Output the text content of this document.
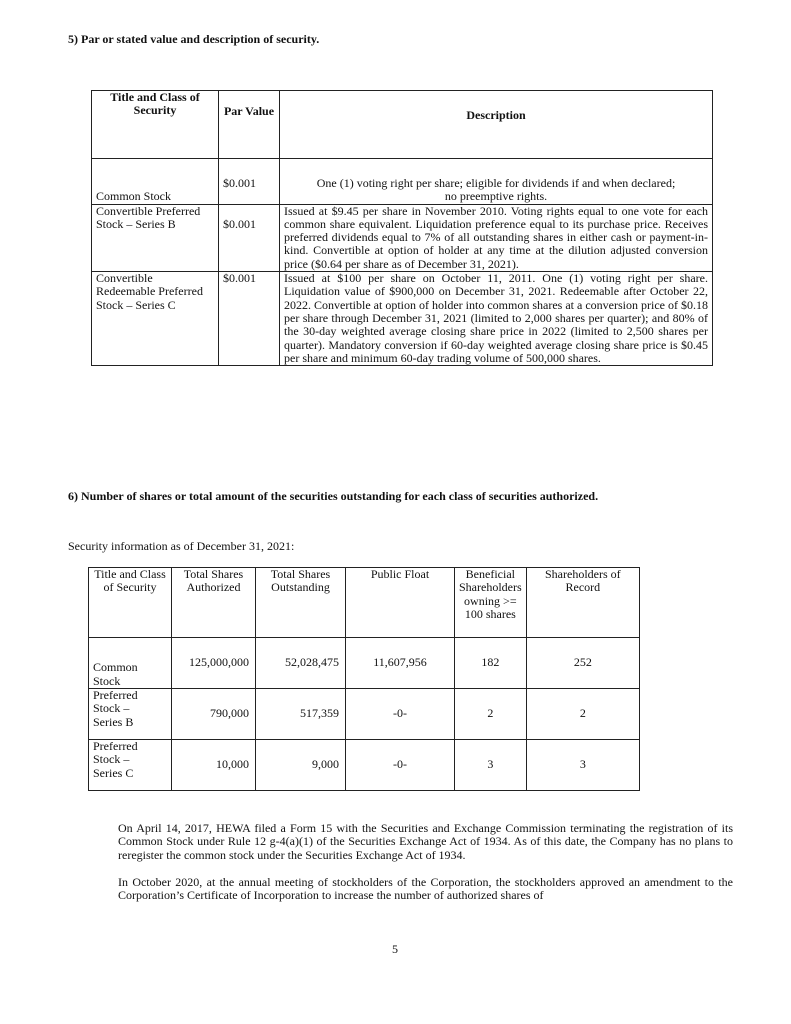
5) Par or stated value and description of security.
Title and Class of Security	Par Value	Description
Common Stock	$0.001	One (1) voting right per share; eligible for dividends if and when declared; no preemptive rights.
Convertible Preferred Stock – Series B	$0.001	Issued at $9.45 per share in November 2010. Voting rights equal to one vote for each common share equivalent. Liquidation preference equal to its purchase price. Receives preferred dividends equal to 7% of all outstanding shares in either cash or payment-in-kind. Convertible at option of holder at any time at the dilution adjusted conversion price ($0.64 per share as of December 31, 2021).
Convertible Redeemable Preferred Stock – Series C	$0.001	Issued at $100 per share on October 11, 2011. One (1) voting right per share. Liquidation value of $900,000 on December 31, 2021. Redeemable after October 22, 2022. Convertible at option of holder into common shares at a conversion price of $0.18 per share through December 31, 2021 (limited to 2,000 shares per quarter); and 80% of the 30-day weighted average closing share price in 2022 (limited to 2,500 shares per quarter). Mandatory conversion if 60-day weighted average closing share price is $0.45 per share and minimum 60-day trading volume of 500,000 shares.
6) Number of shares or total amount of the securities outstanding for each class of securities authorized.
Security information as of December 31, 2021:
Title and Class of Security	Total Shares Authorized	Total Shares Outstanding	Public Float	Beneficial Shareholders owning >= 100 shares	Shareholders of Record
Common Stock	125,000,000	52,028,475	11,607,956	182	252
Preferred Stock – Series B	790,000	517,359	-0-	2	2
Preferred Stock – Series C	10,000	9,000	-0-	3	3
On April 14, 2017, HEWA filed a Form 15 with the Securities and Exchange Commission terminating the registration of its Common Stock under Rule 12 g-4(a)(1) of the Securities Exchange Act of 1934. As of this date, the Company has no plans to reregister the common stock under the Securities Exchange Act of 1934.
In October 2020, at the annual meeting of stockholders of the Corporation, the stockholders approved an amendment to the Corporation’s Certificate of Incorporation to increase the number of authorized shares of
5
